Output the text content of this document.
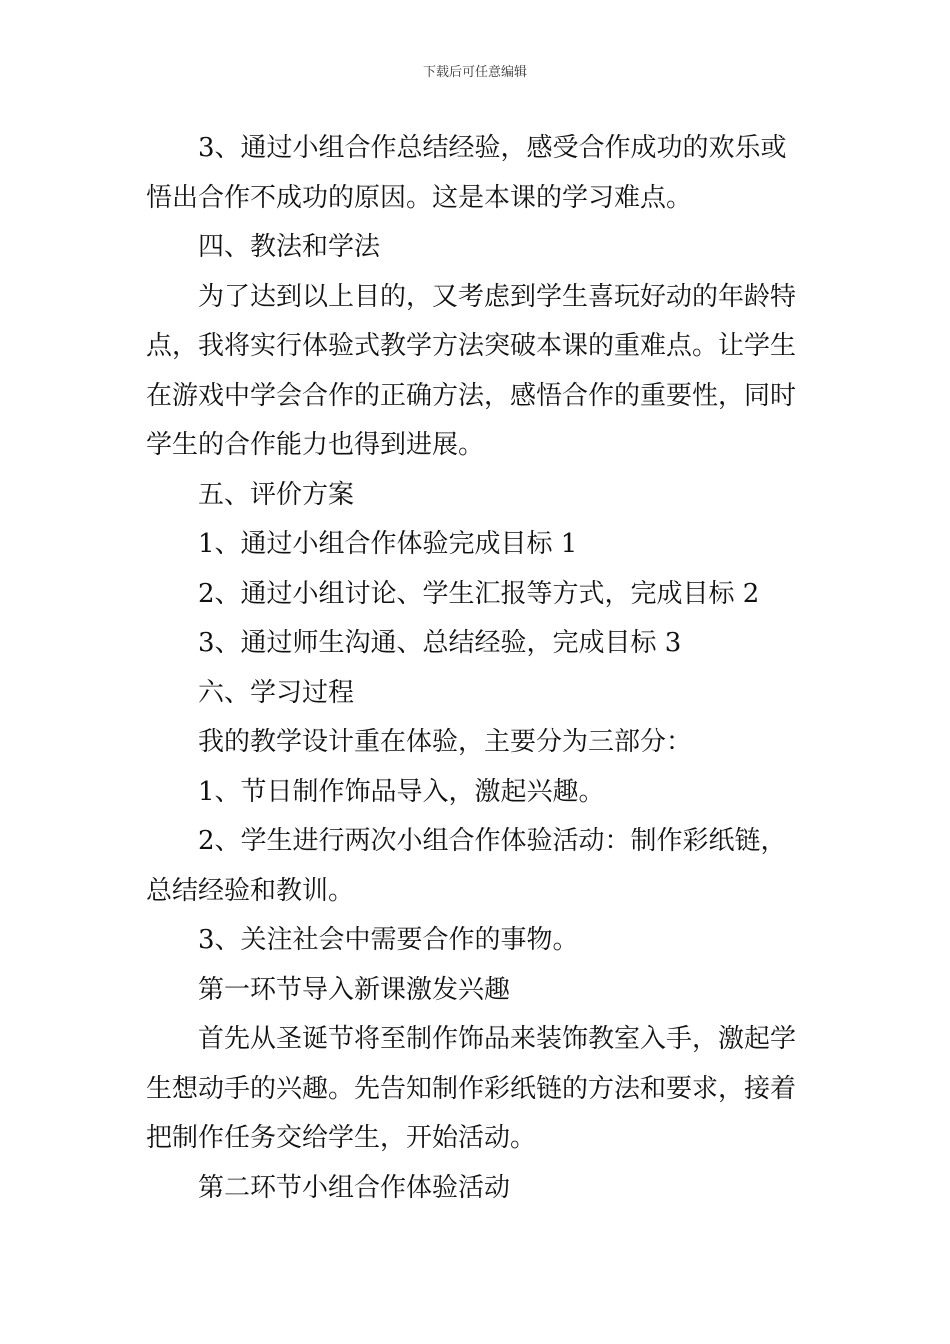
下载后可任意编辑

3、通过小组合作总结经验，感受合作成功的欢乐或悟出合作不成功的原因。这是本课的学习难点。

四、教法和学法

为了达到以上目的，又考虑到学生喜玩好动的年龄特点，我将实行体验式教学方法突破本课的重难点。让学生在游戏中学会合作的正确方法，感悟合作的重要性，同时学生的合作能力也得到进展。

五、评价方案

1、通过小组合作体验完成目标 1

2、通过小组讨论、学生汇报等方式，完成目标 2

3、通过师生沟通、总结经验，完成目标 3

六、学习过程

我的教学设计重在体验，主要分为三部分：

1、节日制作饰品导入，激起兴趣。

2、学生进行两次小组合作体验活动：制作彩纸链，总结经验和教训。

3、关注社会中需要合作的事物。

第一环节导入新课激发兴趣

首先从圣诞节将至制作饰品来装饰教室入手，激起学生想动手的兴趣。先告知制作彩纸链的方法和要求，接着把制作任务交给学生，开始活动。

第二环节小组合作体验活动
